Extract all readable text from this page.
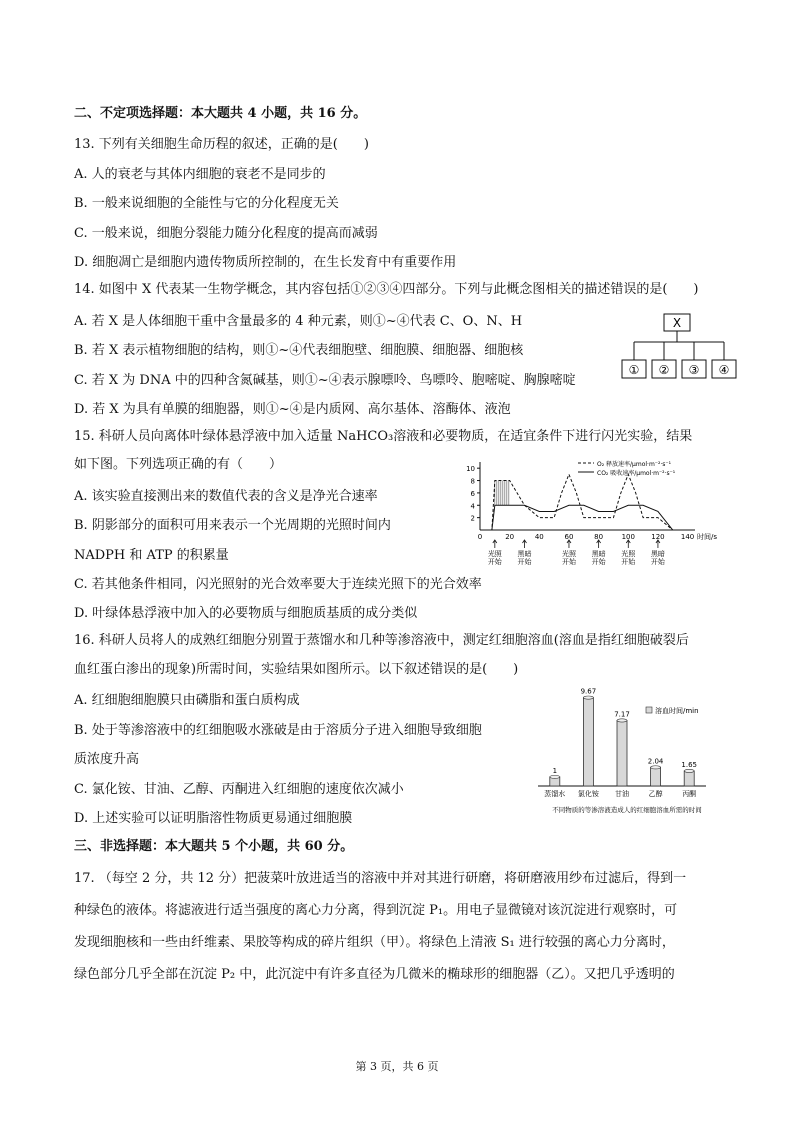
二、不定项选择题：本大题共 4 小题，共 16 分。
13. 下列有关细胞生命历程的叙述，正确的是(　　)
A. 人的衰老与其体内细胞的衰老不是同步的
B. 一般来说细胞的全能性与它的分化程度无关
C. 一般来说，细胞分裂能力随分化程度的提高而减弱
D. 细胞凋亡是细胞内遗传物质所控制的，在生长发育中有重要作用
14. 如图中 X 代表某一生物学概念，其内容包括①②③④四部分。下列与此概念图相关的描述错误的是(　　)
A. 若 X 是人体细胞干重中含量最多的 4 种元素，则①~④代表 C、O、N、H
B. 若 X 表示植物细胞的结构，则①~④代表细胞壁、细胞膜、细胞器、细胞核
C. 若 X 为 DNA 中的四种含氮碱基，则①~④表示腺嘌呤、鸟嘌呤、胞嘧啶、胸腺嘧啶
D. 若 X 为具有单膜的细胞器，则①~④是内质网、高尔基体、溶酶体、液泡
X
① ② ③ ④
15. 科研人员向离体叶绿体悬浮液中加入适量 NaHCO₃溶液和必要物质，在适宜条件下进行闪光实验，结果
如下图。下列选项正确的有（　　）
A. 该实验直接测出来的数值代表的含义是净光合速率
B. 阴影部分的面积可用来表示一个光周期的光照时间内
NADPH 和 ATP 的积累量
C. 若其他条件相同，闪光照射的光合效率要大于连续光照下的光合效率
D. 叶绿体悬浮液中加入的必要物质与细胞质基质的成分类似
2
4
6
8
10
0	20	40	60	80	100 120 140 时间/s
O₂ 释放速率/μmol·m⁻²·s⁻¹
CO₂ 吸收速率/μmol·m⁻²·s⁻¹
光照
开始
黑暗
开始
光照
开始
黑暗
开始
光照
开始
黑暗
开始
16. 科研人员将人的成熟红细胞分别置于蒸馏水和几种等渗溶液中，测定红细胞溶血(溶血是指红细胞破裂后
血红蛋白渗出的现象)所需时间，实验结果如图所示。以下叙述错误的是(　　)
A. 红细胞细胞膜只由磷脂和蛋白质构成
B. 处于等渗溶液中的红细胞吸水涨破是由于溶质分子进入细胞导致细胞
质浓度升高
C. 氯化铵、甘油、乙醇、丙酮进入红细胞的速度依次减小
D. 上述实验可以证明脂溶性物质更易通过细胞膜
1
蒸馏水
9.67
氯化铵
7.17
甘油
2.04
乙醇
1.65
丙酮
溶血时间/min
不同物质的等渗溶液造成人的红细胞溶血所需的时间
三、非选择题：本大题共 5 个小题，共 60 分。
17. （每空 2 分，共 12 分）把菠菜叶放进适当的溶液中并对其进行研磨，将研磨液用纱布过滤后，得到一
种绿色的液体。将滤液进行适当强度的离心力分离，得到沉淀 P₁。用电子显微镜对该沉淀进行观察时，可
发现细胞核和一些由纤维素、果胶等构成的碎片组织（甲）。将绿色上清液 S₁ 进行较强的离心力分离时，
绿色部分几乎全部在沉淀 P₂ 中，此沉淀中有许多直径为几微米的椭球形的细胞器（乙）。又把几乎透明的
第 3 页，共 6 页
